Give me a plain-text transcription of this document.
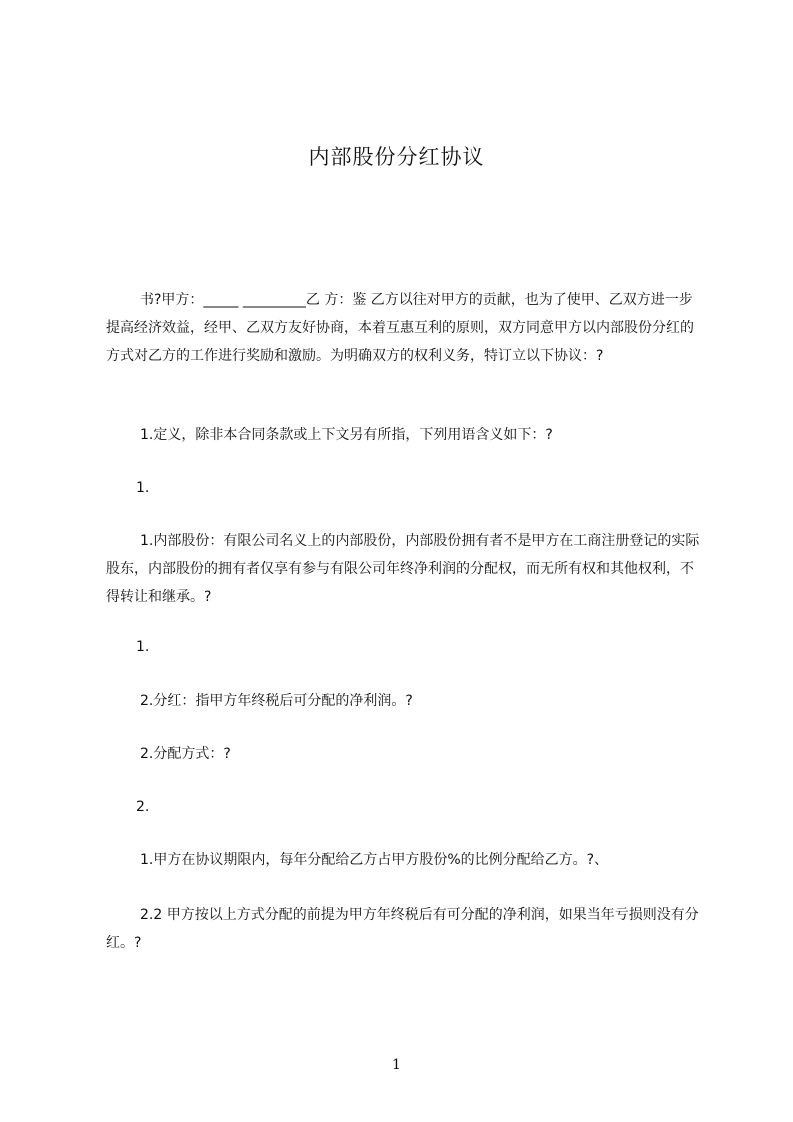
内部股份分红协议

书?甲方：_____ _________乙 方：鉴 乙方以往对甲方的贡献，也为了使甲、乙双方进一步提高经济效益，经甲、乙双方友好协商，本着互惠互利的原则，双方同意甲方以内部股份分红的方式对乙方的工作进行奖励和激励。为明确双方的权利义务，特订立以下协议：?

1.定义，除非本合同条款或上下文另有所指，下列用语含义如下：?

1.

1.内部股份：有限公司名义上的内部股份，内部股份拥有者不是甲方在工商注册登记的实际股东，内部股份的拥有者仅享有参与有限公司年终净利润的分配权，而无所有权和其他权利，不得转让和继承。?

1.

2.分红：指甲方年终税后可分配的净利润。?

2.分配方式：?

2.

1.甲方在协议期限内，每年分配给乙方占甲方股份%的比例分配给乙方。?、

2.2 甲方按以上方式分配的前提为甲方年终税后有可分配的净利润，如果当年亏损则没有分红。?

1
